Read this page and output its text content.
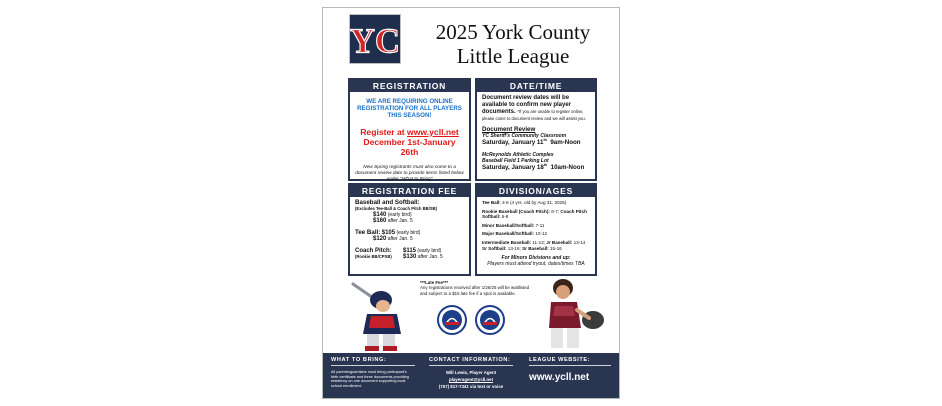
YC	2025 York County
Little League
REGISTRATION
WE ARE REQUIRING ONLINE REGISTRATION FOR ALL PLAYERS THIS SEASON!
Register at www.ycll.net
December 1st-January 26th
New Spring registrants must also come to a document review date to provide items listed below under "What to Bring"
DATE/TIME
Document review dates will be available to confirm new player documents. *If you are unable to register online, please come to document review and we will assist you.
Document Review
YC Sheriff's Community Classroom
Saturday, January 11th 9am-Noon
McReynolds Athletic Complex
Baseball Field 1 Parking Lot
Saturday, January 18th 10am-Noon
REGISTRATION FEE
Baseball and Softball:
(Excludes Tee-Ball & Coach Pitch BB/SB)
$140 (early bird)
$160 after Jan. 5
Tee Ball: $105 (early bird)
$120 after Jan. 5
Coach Pitch:	$115 (early bird)
(Rookie BB/CPSB)	$130 after Jan. 5
DIVISION/AGES
Tee Ball: 4-6 (4 yrs. old by Aug 31, 2025)
Rookie Baseball (Coach Pitch): 6-7; Coach Pitch Softball: 6-8
Minor Baseball/Softball: 7-11
Major Baseball/Softball: 10-12
Intermediate Baseball: 11-13; Jr Baseball: 13-14
Sr Softball: 13-16; Sr Baseball: 15-16
For Minors Divisions and up:
Players must attend tryout, dates/times TBA
***Late Fee***
Any registrations received after 1/26/25 will be waitlisted and subject to a $15 late fee if a spot is available.
WHAT TO BRING:
All parents/guardians must bring participant's birth certificate and three documents providing residency on one document supporting local school enrollment.
CONTACT INFORMATION:
Will Lewis, Player Agent
playeragent@ycll.net
(757) 817-7341 via text or voice
LEAGUE WEBSITE:
www.ycll.net
